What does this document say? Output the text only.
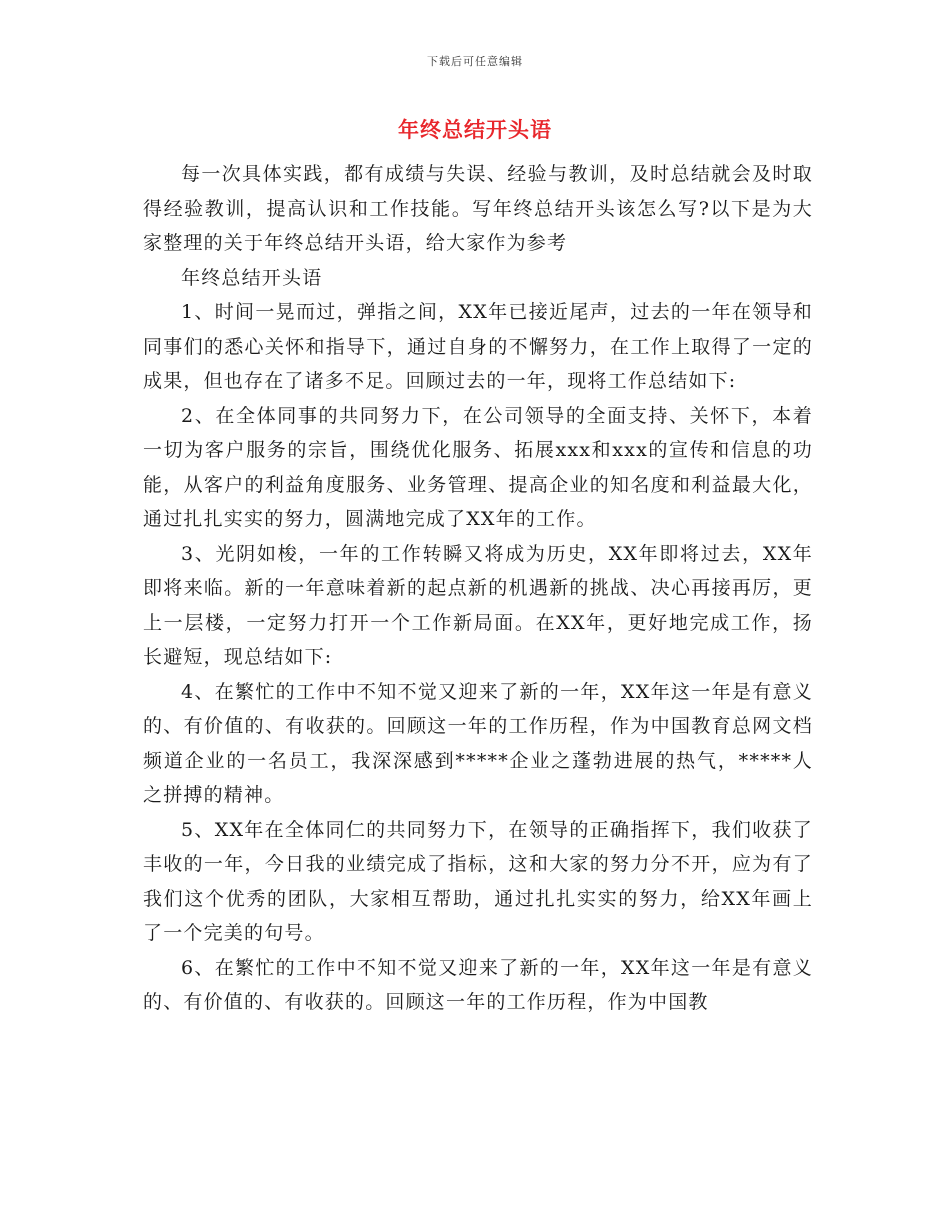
下载后可任意编辑
年终总结开头语

每一次具体实践，都有成绩与失误、经验与教训，及时总结就会及时取得经验教训，提高认识和工作技能。写年终总结开头该怎么写?以下是为大家整理的关于年终总结开头语，给大家作为参考

年终总结开头语

1、时间一晃而过，弹指之间，XX年已接近尾声，过去的一年在领导和同事们的悉心关怀和指导下，通过自身的不懈努力，在工作上取得了一定的成果，但也存在了诸多不足。回顾过去的一年，现将工作总结如下:

2、在全体同事的共同努力下，在公司领导的全面支持、关怀下，本着一切为客户服务的宗旨，围绕优化服务、拓展xxx和xxx的宣传和信息的功能，从客户的利益角度服务、业务管理、提高企业的知名度和利益最大化，通过扎扎实实的努力，圆满地完成了XX年的工作。

3、光阴如梭，一年的工作转瞬又将成为历史，XX年即将过去，XX年即将来临。新的一年意味着新的起点新的机遇新的挑战、决心再接再厉，更上一层楼，一定努力打开一个工作新局面。在XX年，更好地完成工作，扬长避短，现总结如下:

4、在繁忙的工作中不知不觉又迎来了新的一年，XX年这一年是有意义的、有价值的、有收获的。回顾这一年的工作历程，作为中国教育总网文档频道企业的一名员工，我深深感到*****企业之蓬勃进展的热气，*****人之拼搏的精神。

5、XX年在全体同仁的共同努力下，在领导的正确指挥下，我们收获了丰收的一年，今日我的业绩完成了指标，这和大家的努力分不开，应为有了我们这个优秀的团队，大家相互帮助，通过扎扎实实的努力，给XX年画上了一个完美的句号。

6、在繁忙的工作中不知不觉又迎来了新的一年，XX年这一年是有意义的、有价值的、有收获的。回顾这一年的工作历程，作为中国教
